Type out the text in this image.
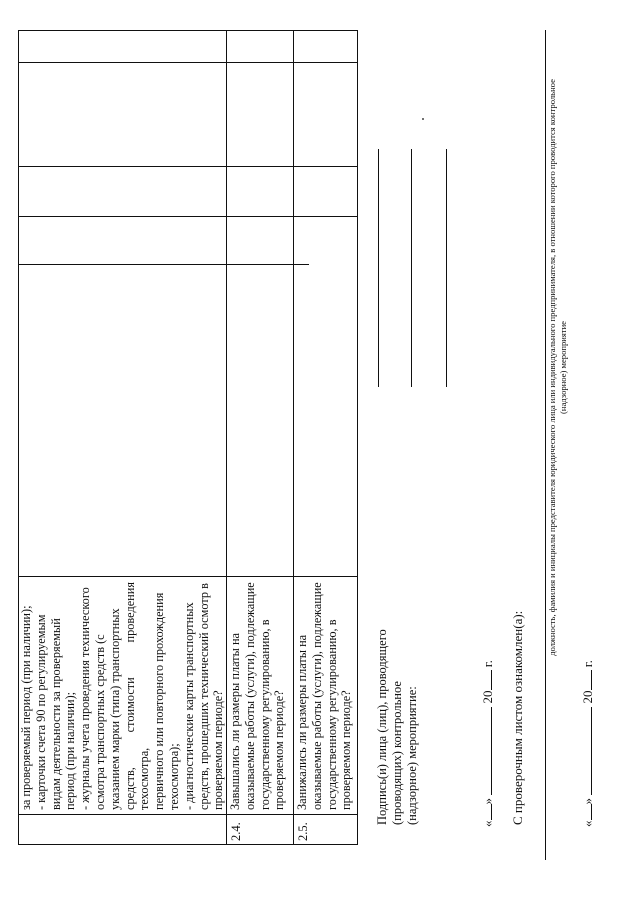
за проверяемый период (при наличии); - карточки счета 90 по регулируемым видам деятельности за проверяемый период (при наличии); - журналы учета проведения технического осмотра транспортных средств (с указанием марки (типа) транспортных средств, стоимости проведения техосмотра, первичного или повторного прохождения техосмотра); - диагностические карты транспортных средств, прошедших технический осмотр в проверяемом периоде?
2.4.
Завышались ли размеры платы на оказываемые работы (услуги), подлежащие государственному регулированию, в проверяемом периоде?
2.5.
Занижались ли размеры платы на оказываемые работы (услуги), подлежащие государственному регулированию, в проверяемом периоде? Подпись(и) лица (лиц), проводящего (проводящих) контрольное (надзорное) мероприятие:	«»  20 г. С проверочным листом ознакомлен(а):
должность, фамилия и инициалы представителя юридического лица или индивидуального предпринимателя, в отношении которого проводится контрольное (надзорное) мероприятие
«»  20 г.
